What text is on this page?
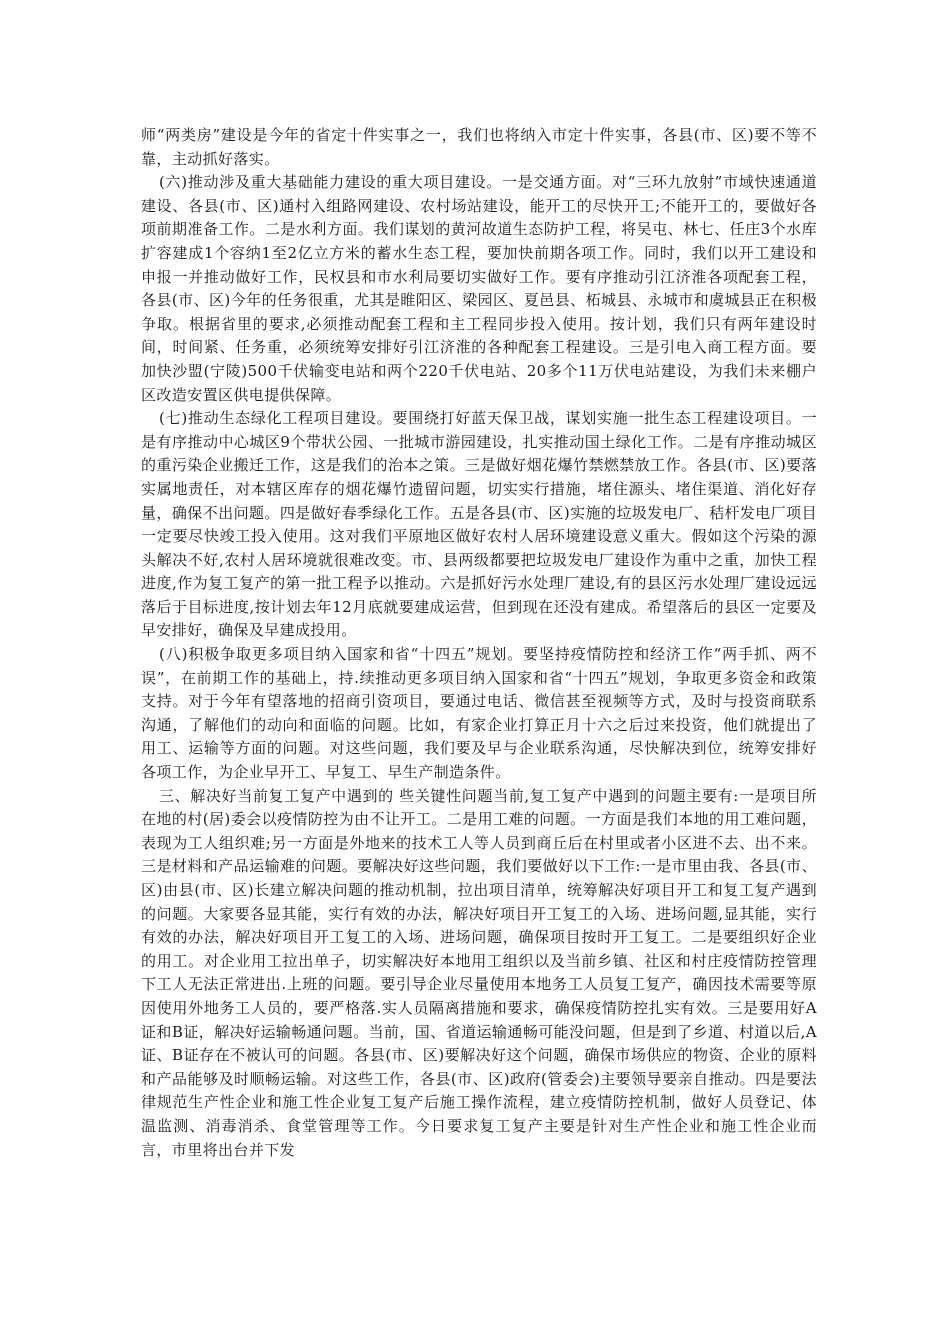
师“两类房”建设是今年的省定十件实事之一，我们也将纳入市定十件实事，各县(市、区)要不等不靠，主动抓好落实。

(六)推动涉及重大基础能力建设的重大项目建设。一是交通方面。对“三环九放射”市域快速通道建设、各县(市、区)通村入组路网建设、农村场站建设，能开工的尽快开工;不能开工的，要做好各项前期准备工作。二是水利方面。我们谋划的黄河故道生态防护工程，将吴屯、林七、任庄3个水库扩容建成1个容纳1至2亿立方米的蓄水生态工程，要加快前期各项工作。同时，我们以开工建设和申报一并推动做好工作，民权县和市水利局要切实做好工作。要有序推动引江济淮各项配套工程，各县(市、区)今年的任务很重，尤其是睢阳区、梁园区、夏邑县、柘城县、永城市和虞城县正在积极争取。根据省里的要求,必须推动配套工程和主工程同步投入使用。按计划，我们只有两年建设时间，时间紧、任务重，必须统筹安排好引江济淮的各种配套工程建设。三是引电入商工程方面。要加快沙盟(宁陵)500千伏输变电站和两个220千伏电站、20多个11万伏电站建设，为我们未来棚户区改造安置区供电提供保障。

(七)推动生态绿化工程项目建设。要围绕打好蓝天保卫战，谋划实施一批生态工程建设项目。一是有序推动中心城区9个带状公园、一批城市游园建设，扎实推动国土绿化工作。二是有序推动城区的重污染企业搬迁工作，这是我们的治本之策。三是做好烟花爆竹禁燃禁放工作。各县(市、区)要落实属地责任，对本辖区库存的烟花爆竹遗留问题，切实实行措施，堵住源头、堵住渠道、消化好存量，确保不出问题。四是做好春季绿化工作。五是各县(市、区)实施的垃圾发电厂、秸杆发电厂项目一定要尽快竣工投入使用。这对我们平原地区做好农村人居环境建设意义重大。假如这个污染的源头解决不好,农村人居环境就很难改变。市、县两级都要把垃圾发电厂建设作为重中之重，加快工程进度,作为复工复产的第一批工程予以推动。六是抓好污水处理厂建设,有的县区污水处理厂建设远远落后于目标进度,按计划去年12月底就要建成运营，但到现在还没有建成。希望落后的县区一定要及早安排好，确保及早建成投用。

(八)积极争取更多项目纳入国家和省“十四五”规划。要坚持疫情防控和经济工作“两手抓、两不误”，在前期工作的基础上，持.续推动更多项目纳入国家和省“十四五”规划，争取更多资金和政策支持。对于今年有望落地的招商引资项目，要通过电话、微信甚至视频等方式，及时与投资商联系沟通，了解他们的动向和面临的问题。比如，有家企业打算正月十六之后过来投资，他们就提出了用工、运输等方面的问题。对这些问题，我们要及早与企业联系沟通，尽快解决到位，统筹安排好各项工作，为企业早开工、早复工、早生产制造条件。

三、解决好当前复工复产中遇到的 些关键性问题当前,复工复产中遇到的问题主要有:一是项目所在地的村(居)委会以疫情防控为由不让开工。二是用工难的问题。一方面是我们本地的用工难问题，表现为工人组织难;另一方面是外地来的技术工人等人员到商丘后在村里或者小区进不去、出不来。三是材料和产品运输难的问题。要解决好这些问题，我们要做好以下工作:一是市里由我、各县(市、区)由县(市、区)长建立解决问题的推动机制，拉出项目清单，统筹解决好项目开工和复工复产遇到的问题。大家要各显其能，实行有效的办法，解决好项目开工复工的入场、进场问题,显其能，实行有效的办法，解决好项目开工复工的入场、进场问题，确保项目按时开工复工。二是要组织好企业的用工。对企业用工拉出单子，切实解决好本地用工组织以及当前乡镇、社区和村庄疫情防控管理下工人无法正常进出.上班的问题。要引导企业尽量使用本地务工人员复工复产，确因技术需要等原因使用外地务工人员的，要严格落.实人员隔离措施和要求，确保疫情防控扎实有效。三是要用好A证和B证，解决好运输畅通问题。当前，国、省道运输通畅可能没问题，但是到了乡道、村道以后,A证、B证存在不被认可的问题。各县(市、区)要解决好这个问题，确保市场供应的物资、企业的原料和产品能够及时顺畅运输。对这些工作，各县(市、区)政府(管委会)主要领导要亲自推动。四是要法律规范生产性企业和施工性企业复工复产后施工操作流程，建立疫情防控机制，做好人员登记、体温监测、消毒消杀、食堂管理等工作。今日要求复工复产主要是针对生产性企业和施工性企业而言，市里将出台并下发
